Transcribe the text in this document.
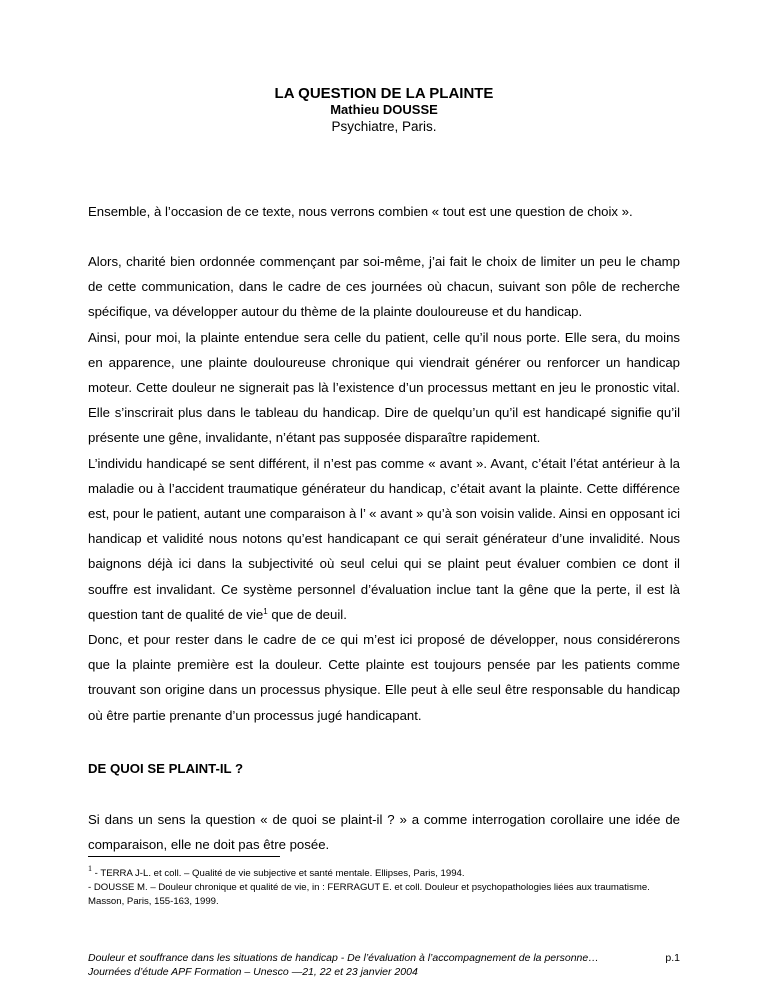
LA QUESTION DE LA PLAINTE
Mathieu DOUSSE
Psychiatre, Paris.
Ensemble, à l’occasion de ce texte, nous verrons combien « tout est une question de choix ».

Alors, charité bien ordonnée commençant par soi-même, j’ai fait le choix de limiter un peu le champ de cette communication, dans le cadre de ces journées où chacun, suivant son pôle de recherche spécifique, va développer autour du thème de la plainte douloureuse et du handicap.

Ainsi, pour moi, la plainte entendue sera celle du patient, celle qu’il nous porte. Elle sera, du moins en apparence, une plainte douloureuse chronique qui viendrait générer ou renforcer un handicap moteur. Cette douleur ne signerait pas là l’existence d’un processus mettant en jeu le pronostic vital. Elle s’inscrirait plus dans le tableau du handicap. Dire de quelqu’un qu’il est handicapé signifie qu’il présente une gêne, invalidante, n’étant pas supposée disparaître rapidement.

L’individu handicapé se sent différent, il n’est pas comme « avant ». Avant, c’était l’état antérieur à la maladie ou à l’accident traumatique générateur du handicap, c’était avant la plainte. Cette différence est, pour le patient, autant une comparaison à l’ « avant » qu’à son voisin valide. Ainsi en opposant ici handicap et validité nous notons qu’est handicapant ce qui serait générateur d’une invalidité. Nous baignons déjà ici dans la subjectivité où seul celui qui se plaint peut évaluer combien ce dont il souffre est invalidant. Ce système personnel d’évaluation inclue tant la gêne que la perte, il est là question tant de qualité de vie$^1$ que de deuil.

Donc, et pour rester dans le cadre de ce qui m’est ici proposé de développer, nous considérerons que la plainte première est la douleur. Cette plainte est toujours pensée par les patients comme trouvant son origine dans un processus physique. Elle peut à elle seul être responsable du handicap où être partie prenante d’un processus jugé handicapant.

DE QUOI SE PLAINT-IL ?

Si dans un sens la question « de quoi se plaint-il ? » a comme interrogation corollaire une idée de comparaison, elle ne doit pas être posée.

$^1$ - TERRA J-L. et coll. – Qualité de vie subjective et santé mentale. Ellipses, Paris, 1994.
- DOUSSE M. – Douleur chronique et qualité de vie, in : FERRAGUT E. et coll. Douleur et psychopathologies liées aux traumatisme. Masson, Paris, 155-163, 1999.
Douleur et souffrance dans les situations de handicap - De l’évaluation à l’accompagnement de la personne…
Journées d’étude APF Formation – Unesco —21, 22 et 23 janvier 2004
p.1
